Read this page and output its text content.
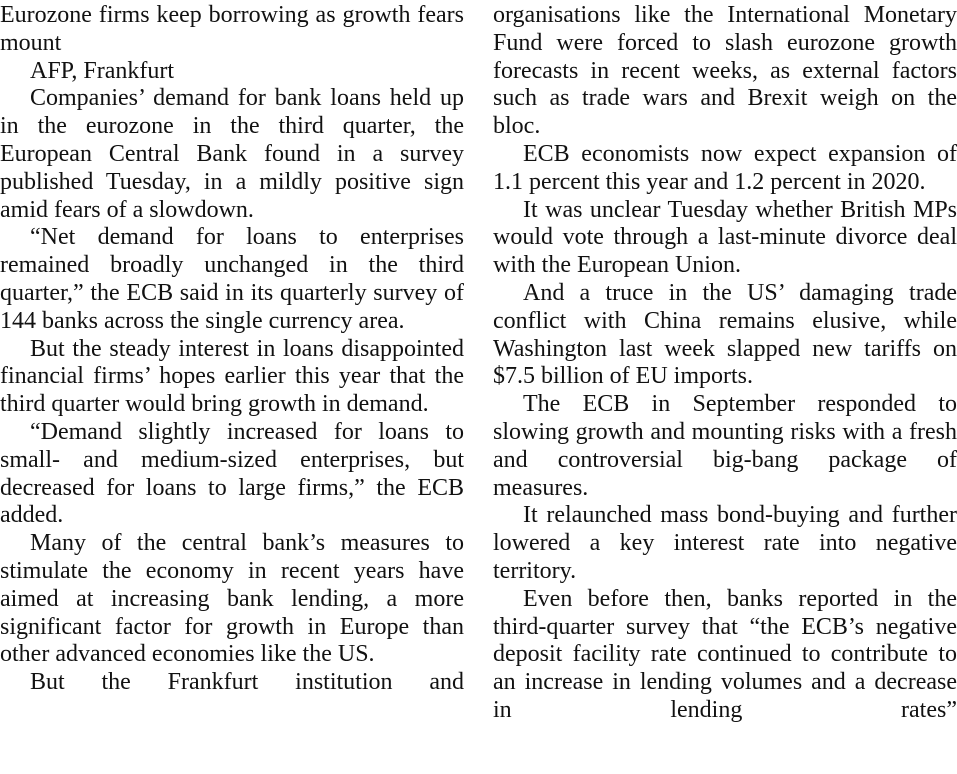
Eurozone firms keep borrowing as growth fears mount

AFP, Frankfurt

Companies’ demand for bank loans held up in the eurozone in the third quarter, the European Central Bank found in a survey published Tuesday, in a mildly positive sign amid fears of a slowdown.

“Net demand for loans to enterprises remained broadly unchanged in the third quarter,” the ECB said in its quarterly survey of 144 banks across the single currency area.

But the steady interest in loans disappointed financial firms’ hopes earlier this year that the third quarter would bring growth in demand.

“Demand slightly increased for loans to small- and medium-sized enterprises, but decreased for loans to large firms,” the ECB added.

Many of the central bank’s measures to stimulate the economy in recent years have aimed at increasing bank lending, a more significant factor for growth in Europe than other advanced economies like the US.

But the Frankfurt institution and

organisations like the International Monetary Fund were forced to slash eurozone growth forecasts in recent weeks, as external factors such as trade wars and Brexit weigh on the bloc.

ECB economists now expect expansion of 1.1 percent this year and 1.2 percent in 2020.

It was unclear Tuesday whether British MPs would vote through a last-minute divorce deal with the European Union.

And a truce in the US’ damaging trade conflict with China remains elusive, while Washington last week slapped new tariffs on $7.5 billion of EU imports.

The ECB in September responded to slowing growth and mounting risks with a fresh and controversial big-bang package of measures.

It relaunched mass bond-buying and further lowered a key interest rate into negative territory.

Even before then, banks reported in the third-quarter survey that “the ECB’s negative deposit facility rate continued to contribute to an increase in lending volumes and a decrease in lending rates”
